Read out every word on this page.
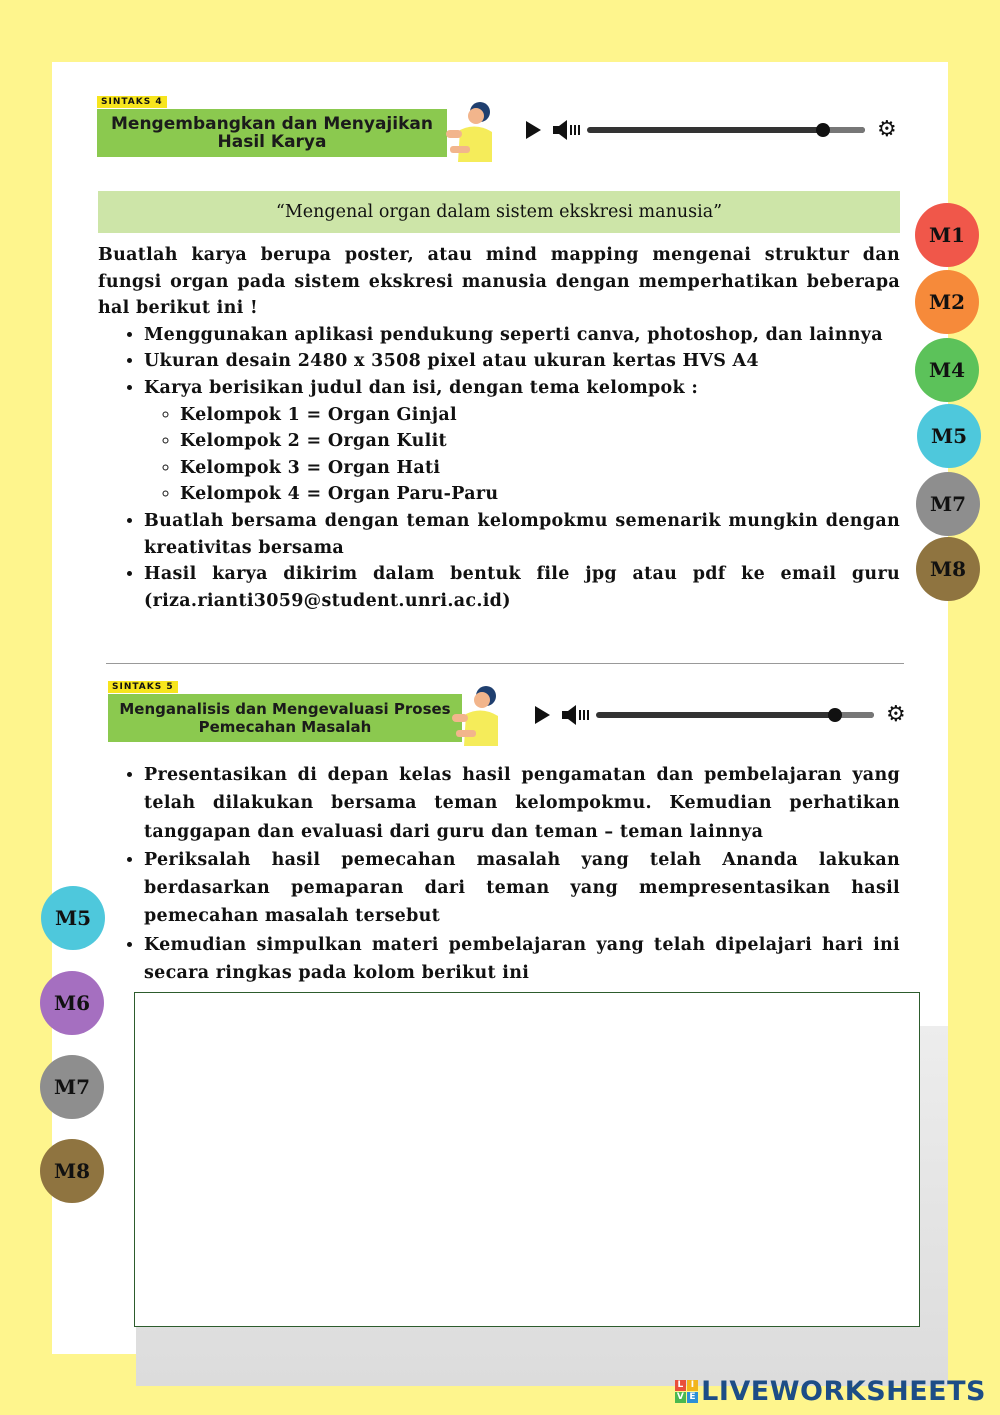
SINTAKS 4
Mengembangkan dan Menyajikan
Hasil Karya	⚙
“Mengenal organ dalam sistem ekskresi manusia”

Buatlah karya berupa poster, atau mind mapping mengenai struktur dan fungsi organ pada sistem ekskresi manusia dengan memperhatikan beberapa hal berikut ini !

• Menggunakan aplikasi pendukung seperti canva, photoshop, dan lainnya
• Ukuran desain 2480 x 3508 pixel atau ukuran kertas HVS A4
• Karya berisikan judul dan isi, dengan tema kelompok :
◦ Kelompok 1 = Organ Ginjal
◦ Kelompok 2 = Organ Kulit
◦ Kelompok 3 = Organ Hati
◦ Kelompok 4 = Organ Paru-Paru
• Buatlah bersama dengan teman kelompokmu semenarik mungkin dengan kreativitas bersama
• Hasil karya dikirim dalam bentuk file jpg atau pdf ke email guru (riza.rianti3059@student.unri.ac.id)
SINTAKS 5
Menganalisis dan Mengevaluasi Proses
Pemecahan Masalah	⚙
• Presentasikan di depan kelas hasil pengamatan dan pembelajaran yang telah dilakukan bersama teman kelompokmu. Kemudian perhatikan tanggapan dan evaluasi dari guru dan teman – teman lainnya
• Periksalah hasil pemecahan masalah yang telah Ananda lakukan berdasarkan pemaparan dari teman yang mempresentasikan hasil pemecahan masalah tersebut
• Kemudian simpulkan materi pembelajaran yang telah dipelajari hari ini secara ringkas pada kolom berikut ini
M1
M2
M4
M5
M7
M8
M5
M6
M7
M8
L I
V E LIVEWORKSHEETS
